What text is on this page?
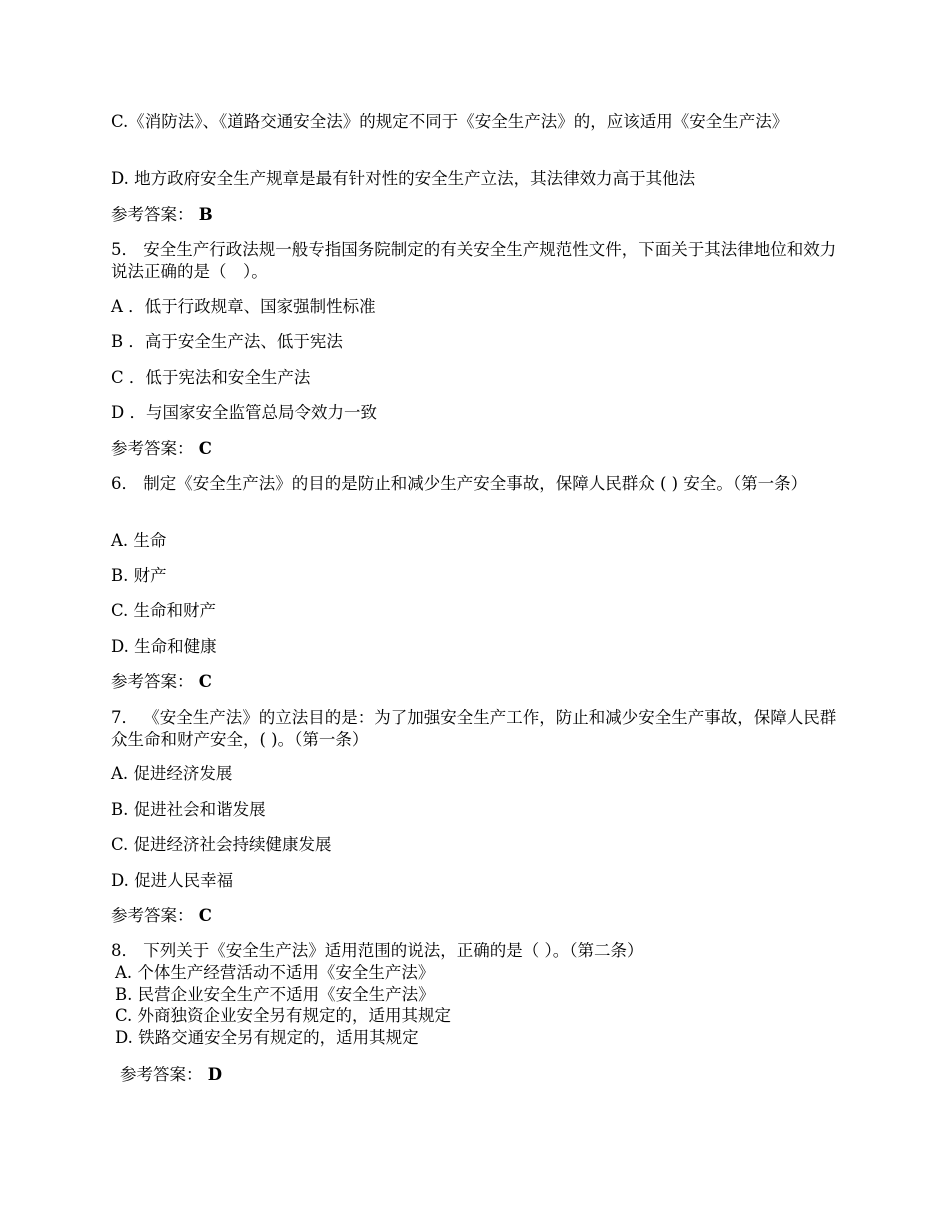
C.《消防法》、《道路交通安全法》的规定不同于《安全生产法》的，应该适用《安全生产法》

D. 地方政府安全生产规章是最有针对性的安全生产立法，其法律效力高于其他法

参考答案： B

5． 安全生产行政法规一般专指国务院制定的有关安全生产规范性文件，下面关于其法律地位和效力说法正确的是（　）。

A ．低于行政规章、国家强制性标准

B ．高于安全生产法、低于宪法

C ．低于宪法和安全生产法

D ．与国家安全监管总局令效力一致

参考答案： C

6． 制定《安全生产法》的目的是防止和减少生产安全事故，保障人民群众 ( ) 安全。（第一条）

A. 生命

B. 财产

C. 生命和财产

D. 生命和健康

参考答案： C

7． 《安全生产法》的立法目的是：为了加强安全生产工作，防止和减少安全生产事故，保障人民群众生命和财产安全，( )。（第一条）

A. 促进经济发展

B. 促进社会和谐发展

C. 促进经济社会持续健康发展

D. 促进人民幸福

参考答案： C

8． 下列关于《安全生产法》适用范围的说法，正确的是（ ）。（第二条）

A. 个体生产经营活动不适用《安全生产法》

B. 民营企业安全生产不适用《安全生产法》

C. 外商独资企业安全另有规定的，适用其规定

D. 铁路交通安全另有规定的，适用其规定

参考答案： D
